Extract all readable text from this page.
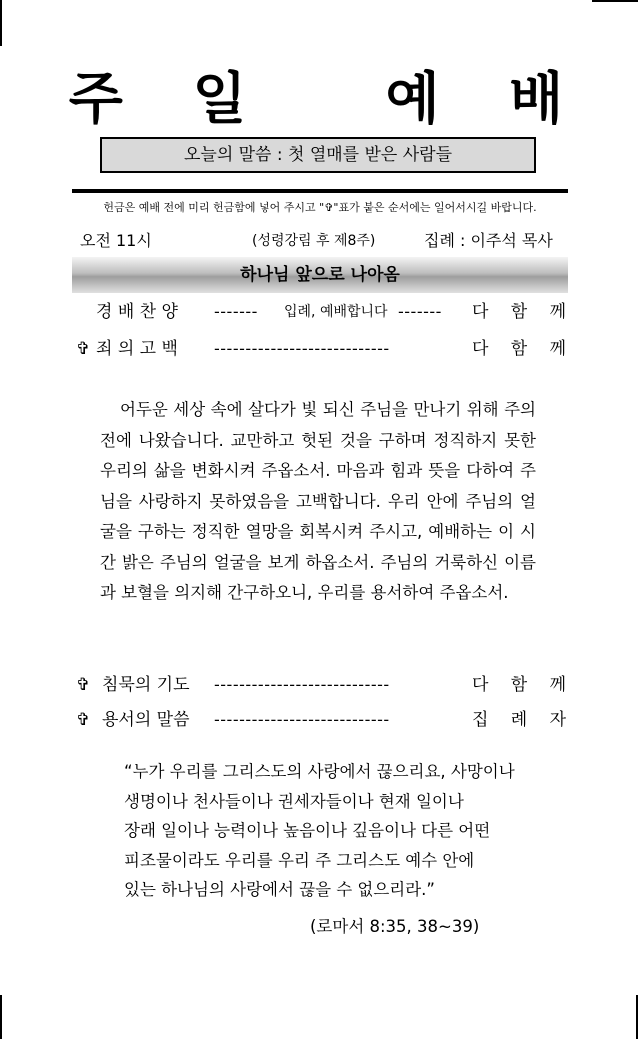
주 일 예 배
오늘의 말씀 : 첫 열매를 받은 사람들
헌금은 예배 전에 미리 헌금함에 넣어 주시고 "✞"표가 붙은 순서에는 일어서시길 바랍니다.
오전 11시	(성령강림 후 제8주)	집례 : 이주석 목사
하나님 앞으로 나아옴
경 배 찬 양 ------- 입례, 예배합니다 ------- 다 함 께
✞ 죄 의 고 백 ----------------------------	다 함 께

어두운 세상 속에 살다가 빛 되신 주님을 만나기 위해 주의 전에 나왔습니다. 교만하고 헛된 것을 구하며 정직하지 못한 우리의 삶을 변화시켜 주옵소서. 마음과 힘과 뜻을 다하여 주님을 사랑하지 못하였음을 고백합니다. 우리 안에 주님의 얼굴을 구하는 정직한 열망을 회복시켜 주시고, 예배하는 이 시간 밝은 주님의 얼굴을 보게 하옵소서. 주님의 거룩하신 이름과 보혈을 의지해 간구하오니, 우리를 용서하여 주옵소서.

✞ 침묵의 기도 ----------------------------	다 함 께
✞ 용서의 말씀 ----------------------------	집 례 자

“누가 우리를 그리스도의 사랑에서 끊으리요, 사망이나

생명이나 천사들이나 권세자들이나 현재 일이나

장래 일이나 능력이나 높음이나 깊음이나 다른 어떤

피조물이라도 우리를 우리 주 그리스도 예수 안에

있는 하나님의 사랑에서 끊을 수 없으리라.”

(로마서 8:35, 38~39)
